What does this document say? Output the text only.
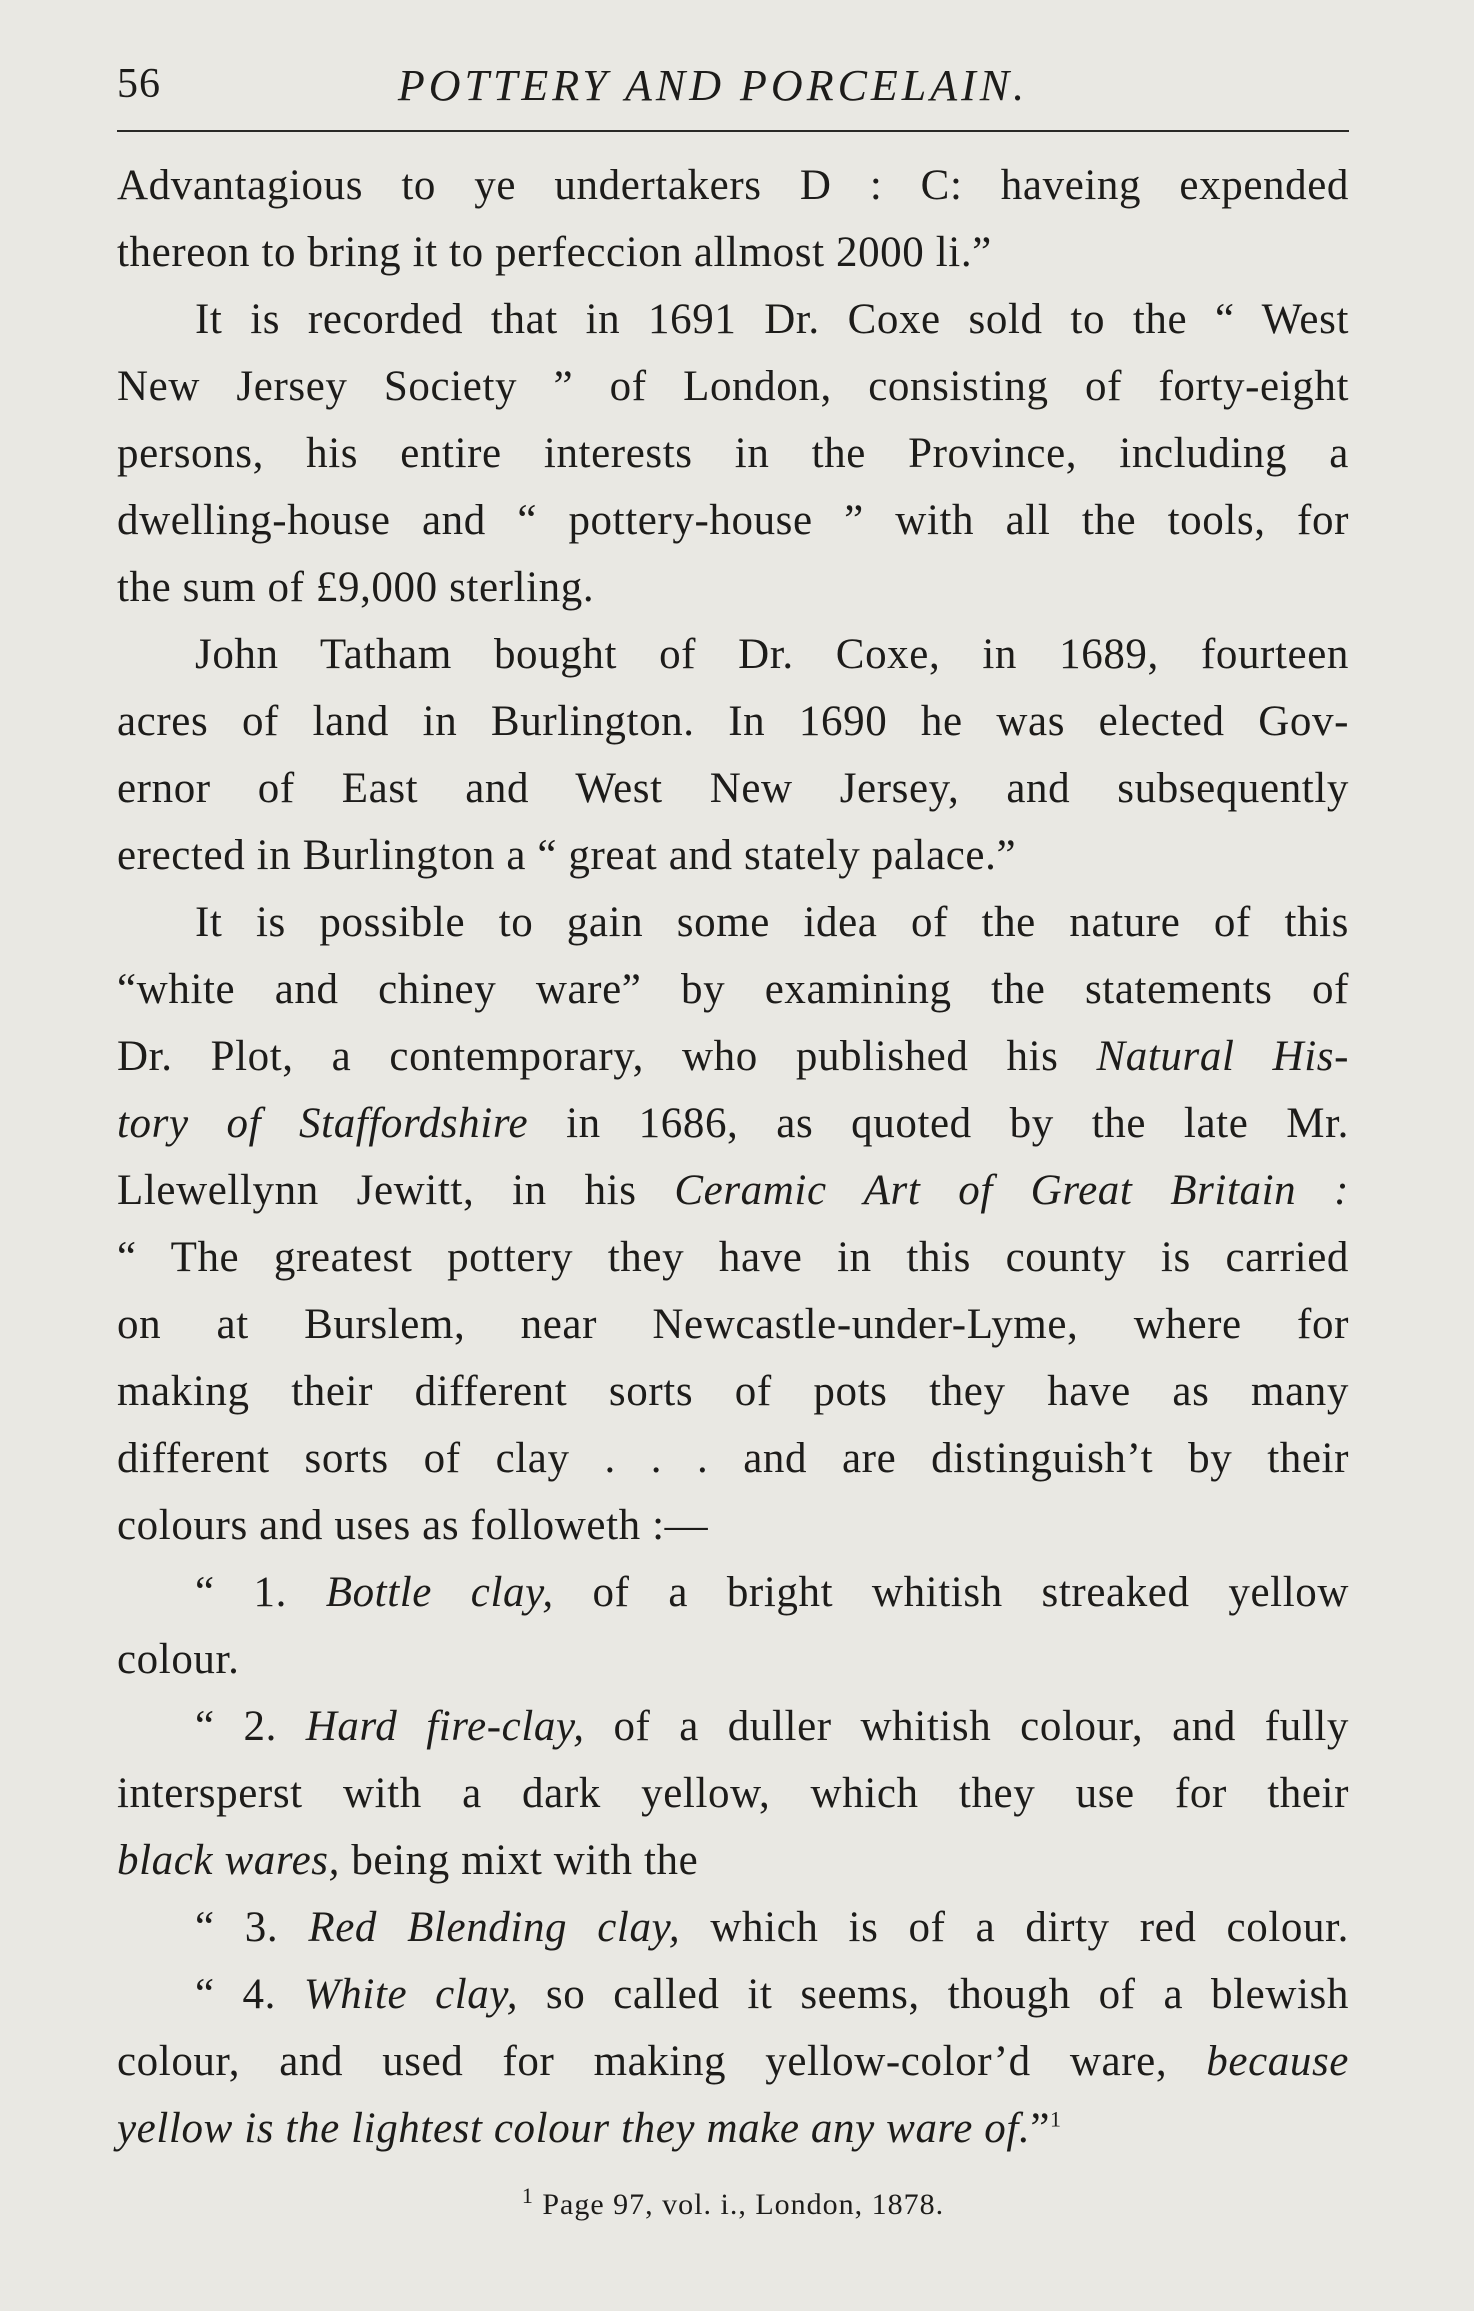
56	POTTERY AND PORCELAIN.
Advantagious to ye undertakers D : C: haveing expended
thereon to bring it to perfeccion allmost 2000 li.”
It is recorded that in 1691 Dr. Coxe sold to the “ West
New Jersey Society ” of London, consisting of forty-eight
persons, his entire interests in the Province, including a
dwelling-house and “ pottery-house ” with all the tools, for
the sum of £9,000 sterling.
John Tatham bought of Dr. Coxe, in 1689, fourteen
acres of land in Burlington. In 1690 he was elected Gov-
ernor of East and West New Jersey, and subsequently
erected in Burlington a “ great and stately palace.”
It is possible to gain some idea of the nature of this
“white and chiney ware” by examining the statements of
Dr. Plot, a contemporary, who published his Natural His-
tory of Staffordshire in 1686, as quoted by the late Mr.
Llewellynn Jewitt, in his Ceramic Art of Great Britain :
“ The greatest pottery they have in this county is carried
on at Burslem, near Newcastle-under-Lyme, where for
making their different sorts of pots they have as many
different sorts of clay . . . and are distinguish’t by their
colours and uses as followeth :—
“ 1. Bottle clay, of a bright whitish streaked yellow
colour.
“ 2. Hard fire-clay, of a duller whitish colour, and fully
intersperst with a dark yellow, which they use for their
black wares, being mixt with the
“ 3. Red Blending clay, which is of a dirty red colour.
“ 4. White clay, so called it seems, though of a blewish
colour, and used for making yellow-color’d ware, because
yellow is the lightest colour they make any ware of.”$^1$
$^1$ Page 97, vol. i., London, 1878.
